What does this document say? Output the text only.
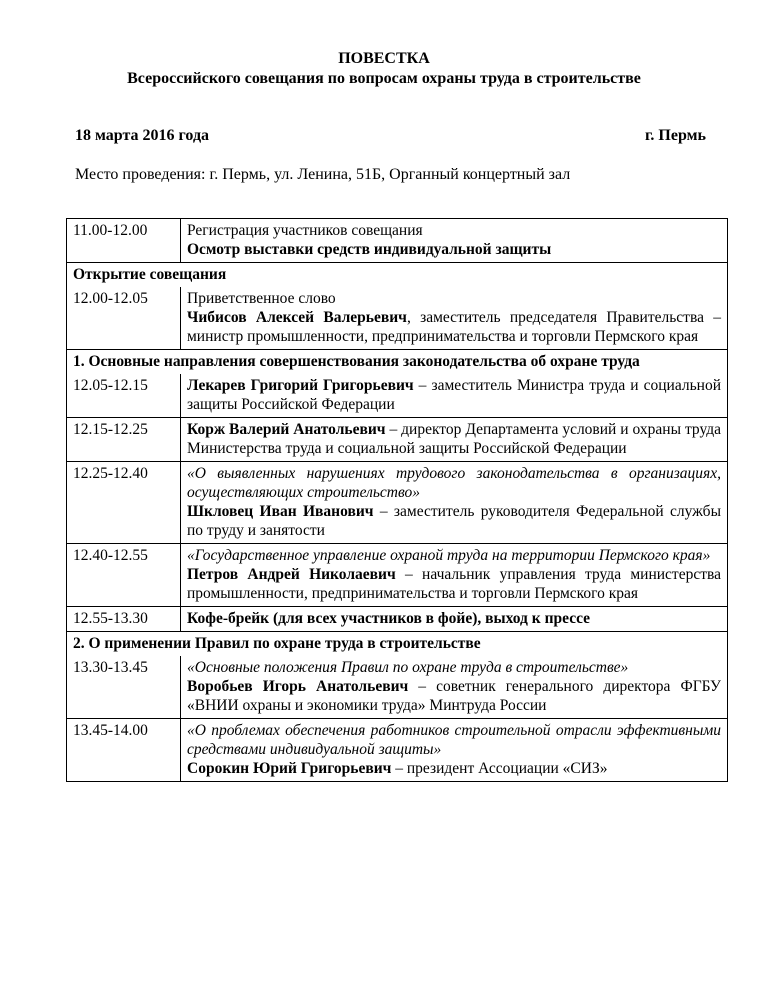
ПОВЕСТКА
Всероссийского совещания по вопросам охраны труда в строительстве
18 марта 2016 года	г. Пермь
Место проведения: г. Пермь, ул. Ленина, 51Б, Органный концертный зал
11.00-12.00	Регистрация участников совещания
Осмотр выставки средств индивидуальной защиты

Открытие совещания	
12.00-12.05	Приветственное слово
Чибисов Алексей Валерьевич, заместитель председателя Правительства – министр промышленности, предпринимательства и торговли Пермского края

1. Основные направления совершенствования законодательства об охране труда	
12.05-12.15	Лекарев Григорий Григорьевич – заместитель Министра труда и социальной защиты Российской Федерации
12.15-12.25	Корж Валерий Анатольевич – директор Департамента условий и охраны труда Министерства труда и социальной защиты Российской Федерации
12.25-12.40	«О выявленных нарушениях трудового законодательства в организациях, осуществляющих строительство»
Шкловец Иван Иванович – заместитель руководителя Федеральной службы по труду и занятости

12.40-12.55	«Государственное управление охраной труда на территории Пермского края»
Петров Андрей Николаевич – начальник управления труда министерства промышленности, предпринимательства и торговли Пермского края

12.55-13.30	Кофе-брейк (для всех участников в фойе), выход к прессе
2. О применении Правил по охране труда в строительстве	
13.30-13.45	«Основные положения Правил по охране труда в строительстве»
Воробьев Игорь Анатольевич – советник генерального директора ФГБУ «ВНИИ охраны и экономики труда» Минтруда России

13.45-14.00	«О проблемах обеспечения работников строительной отрасли эффективными средствами индивидуальной защиты»
Сорокин Юрий Григорьевич – президент Ассоциации «СИЗ»
